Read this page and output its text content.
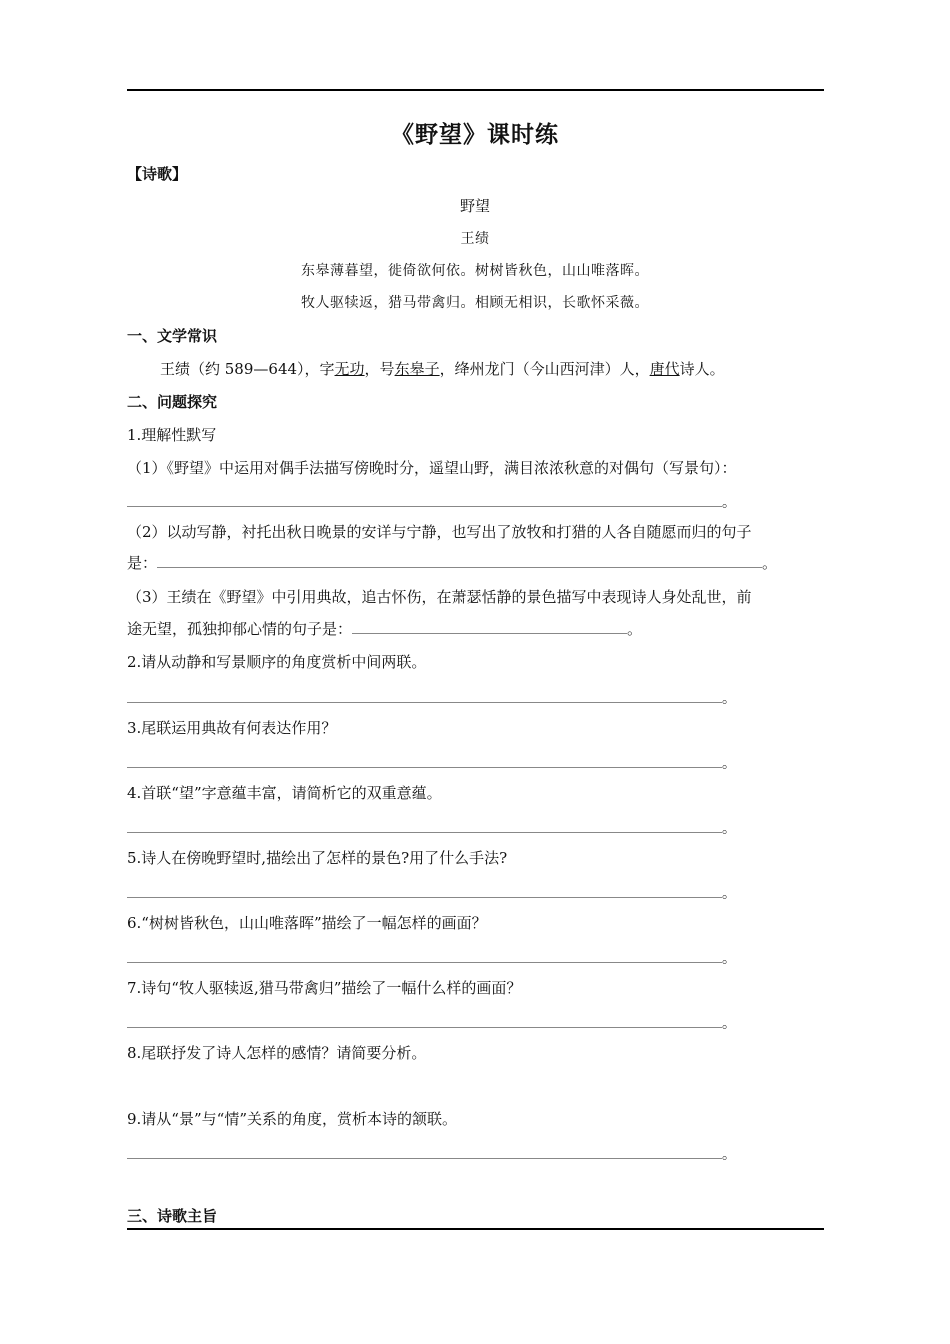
《野望》课时练
【诗歌】
野望
王绩
东皋薄暮望，徙倚欲何依。树树皆秋色，山山唯落晖。
牧人驱犊返，猎马带禽归。相顾无相识，长歌怀采薇。
一、文学常识
王绩（约 589—644），字无功，号东皋子，绛州龙门（今山西河津）人，唐代诗人。
二、问题探究
1.理解性默写
（1）《野望》中运用对偶手法描写傍晚时分，遥望山野，满目浓浓秋意的对偶句（写景句）：
。
（2）以动写静，衬托出秋日晚景的安详与宁静，也写出了放牧和打猎的人各自随愿而归的句子
是：	。
（3）王绩在《野望》中引用典故，追古怀伤，在萧瑟恬静的景色描写中表现诗人身处乱世，前
途无望，孤独抑郁心情的句子是：	。
2.请从动静和写景顺序的角度赏析中间两联。
。
3.尾联运用典故有何表达作用？
。
4.首联“望”字意蕴丰富，请简析它的双重意蕴。
。
5.诗人在傍晚野望时,描绘出了怎样的景色?用了什么手法?
。
6.“树树皆秋色，山山唯落晖”描绘了一幅怎样的画面？
。
7.诗句“牧人驱犊返,猎马带禽归”描绘了一幅什么样的画面？
。
8.尾联抒发了诗人怎样的感情？请简要分析。
9.请从“景”与“情”关系的角度，赏析本诗的颔联。
。
三、诗歌主旨
